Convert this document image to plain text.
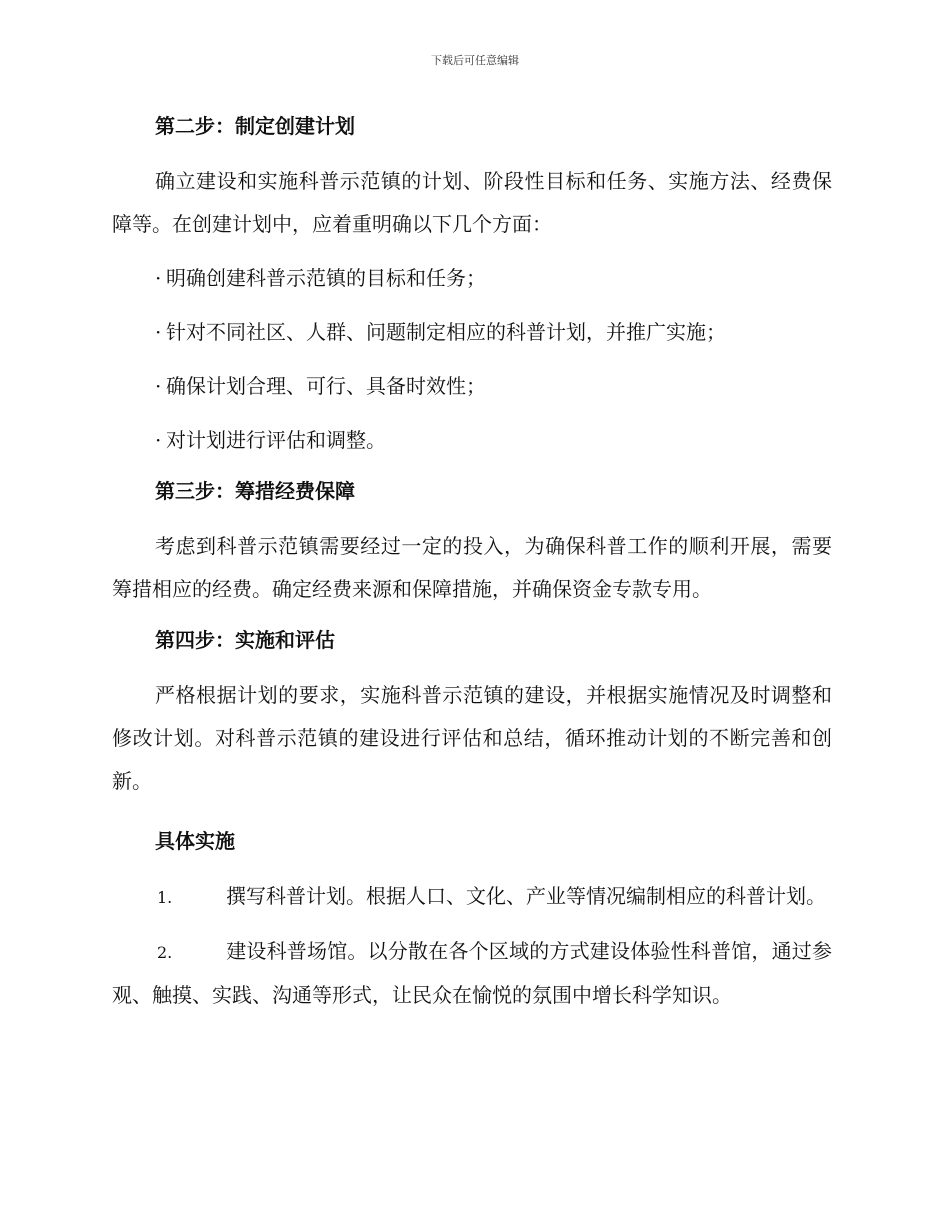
下载后可任意编辑
第二步：制定创建计划
确立建设和实施科普示范镇的计划、阶段性目标和任务、实施方法、经费保障等。在创建计划中，应着重明确以下几个方面：
· 明确创建科普示范镇的目标和任务；
· 针对不同社区、人群、问题制定相应的科普计划，并推广实施；
· 确保计划合理、可行、具备时效性；
· 对计划进行评估和调整。
第三步：筹措经费保障
考虑到科普示范镇需要经过一定的投入，为确保科普工作的顺利开展，需要筹措相应的经费。确定经费来源和保障措施，并确保资金专款专用。
第四步：实施和评估
严格根据计划的要求，实施科普示范镇的建设，并根据实施情况及时调整和修改计划。对科普示范镇的建设进行评估和总结，循环推动计划的不断完善和创新。
具体实施
1.	撰写科普计划。根据人口、文化、产业等情况编制相应的科普计划。
2.	建设科普场馆。以分散在各个区域的方式建设体验性科普馆，通过参观、触摸、实践、沟通等形式，让民众在愉悦的氛围中增长科学知识。
